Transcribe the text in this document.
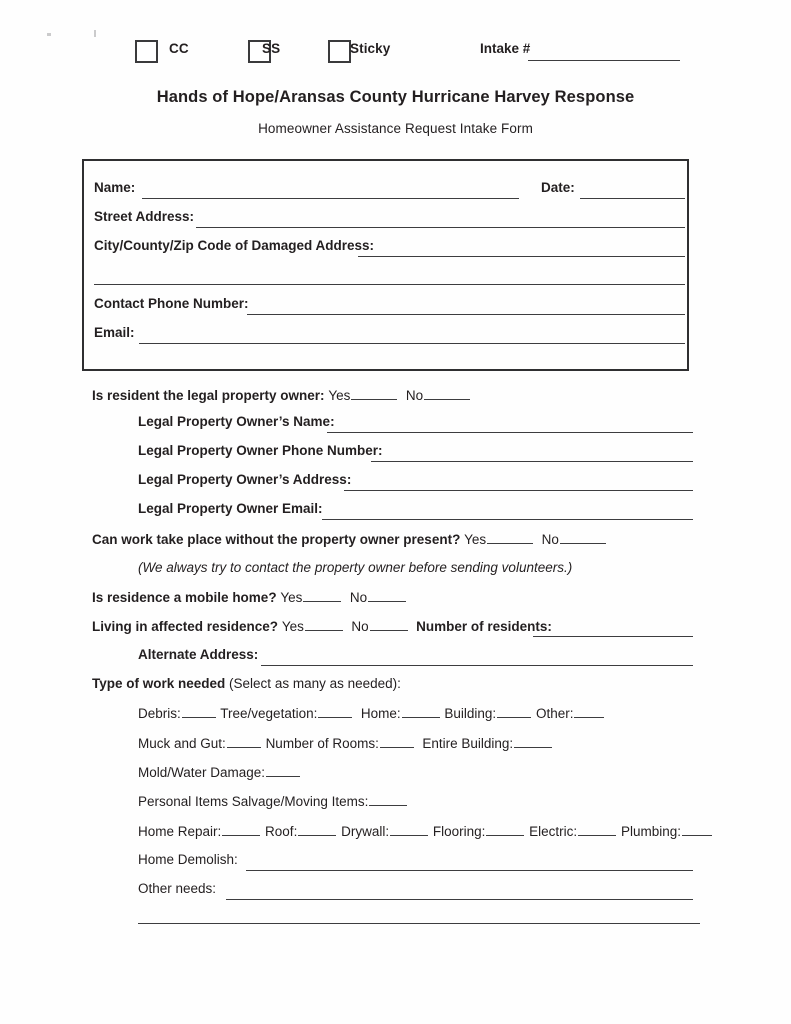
CC	SS	Sticky	Intake #
Hands of Hope/Aransas County Hurricane Harvey Response
Homeowner Assistance Request Intake Form
Name:	Date:
Street Address:
City/County/Zip Code of Damaged Address:
Contact Phone Number:
Email:
Is resident the legal property owner: Yes	No
Legal Property Owner’s Name:
Legal Property Owner Phone Number:
Legal Property Owner’s Address:
Legal Property Owner Email:
Can work take place without the property owner present? Yes	No
(We always try to contact the property owner before sending volunteers.)
Is residence a mobile home? Yes	No
Living in affected residence? Yes	No	Number of residents:
Alternate Address:
Type of work needed (Select as many as needed):
Debris:	Tree/vegetation:	Home:	Building:	Other:
Muck and Gut:	Number of Rooms:	Entire Building:
Mold/Water Damage:
Personal Items Salvage/Moving Items:
Home Repair:	Roof:	Drywall:	Flooring:	Electric:	Plumbing:
Home Demolish:
Other needs:
